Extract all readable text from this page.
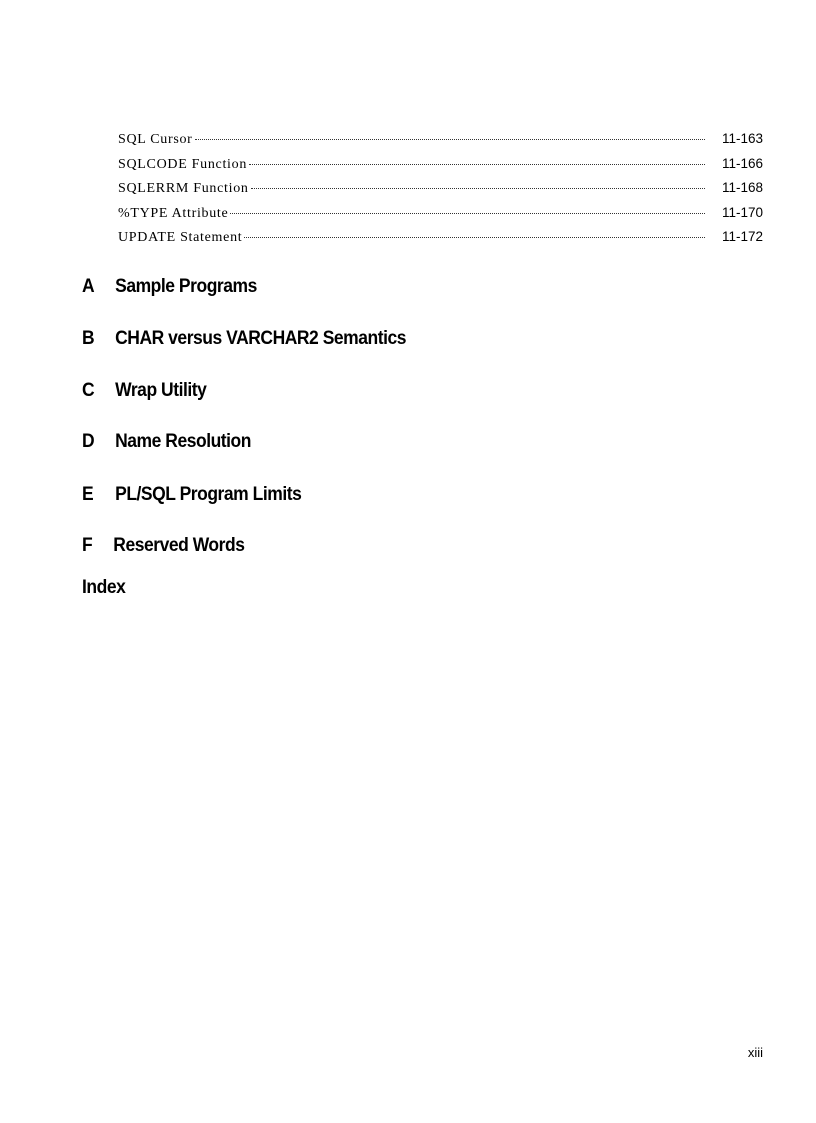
SQL Cursor	11-163
SQLCODE Function	11-166
SQLERRM Function	11-168
%TYPE Attribute	11-170
UPDATE Statement	11-172
A Sample Programs
B CHAR versus VARCHAR2 Semantics
C Wrap Utility
D Name Resolution
E PL/SQL Program Limits
F Reserved Words
Index
xiii
